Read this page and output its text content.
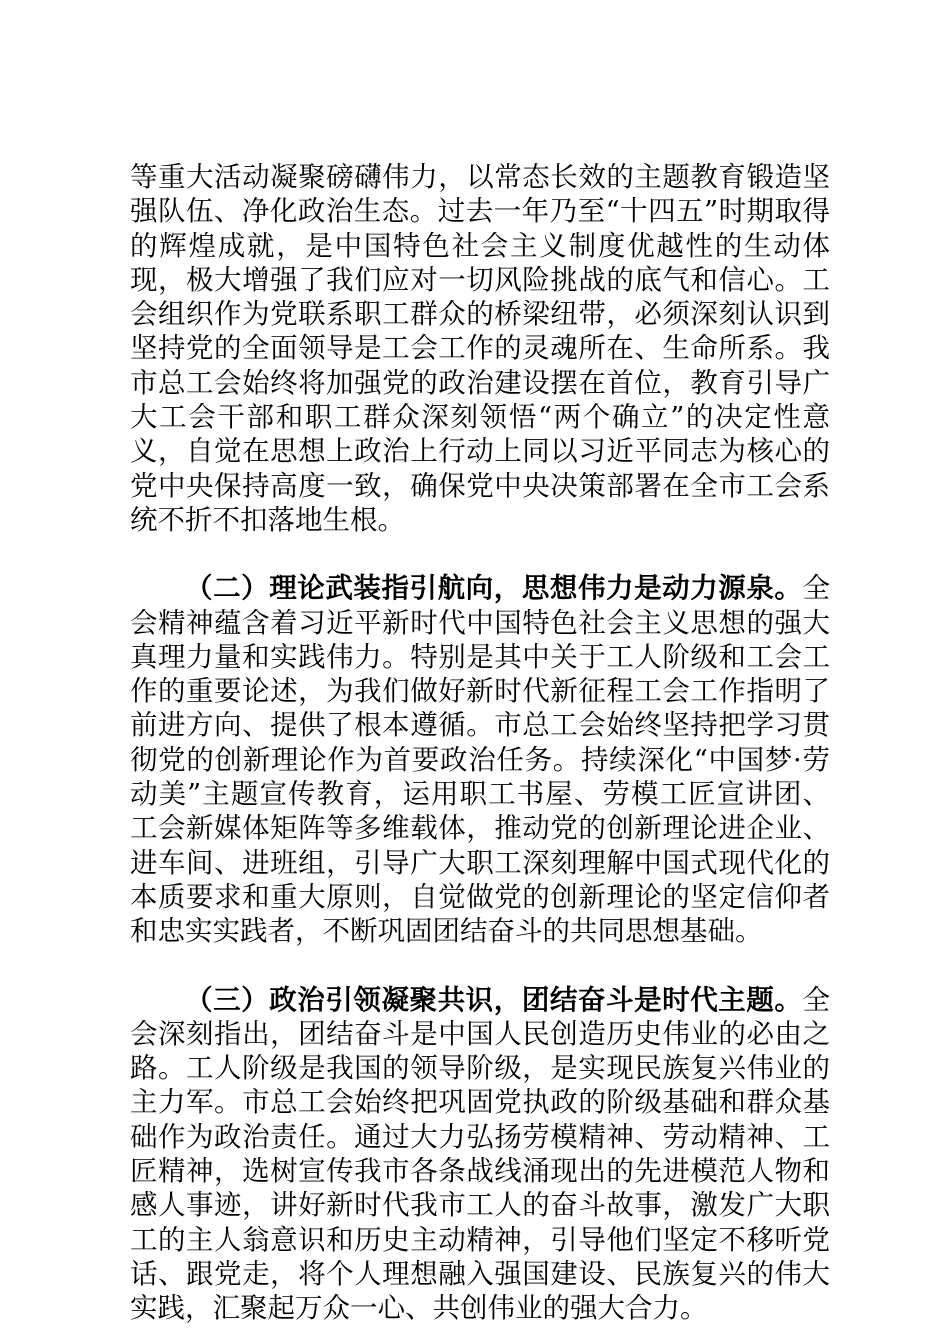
等重大活动凝聚磅礴伟力，以常态长效的主题教育锻造坚强队伍、净化政治生态。过去一年乃至“十四五”时期取得的辉煌成就，是中国特色社会主义制度优越性的生动体现，极大增强了我们应对一切风险挑战的底气和信心。工会组织作为党联系职工群众的桥梁纽带，必须深刻认识到坚持党的全面领导是工会工作的灵魂所在、生命所系。我市总工会始终将加强党的政治建设摆在首位，教育引导广大工会干部和职工群众深刻领悟“两个确立”的决定性意义，自觉在思想上政治上行动上同以习近平同志为核心的党中央保持高度一致，确保党中央决策部署在全市工会系统不折不扣落地生根。

（二）理论武装指引航向，思想伟力是动力源泉。全会精神蕴含着习近平新时代中国特色社会主义思想的强大真理力量和实践伟力。特别是其中关于工人阶级和工会工作的重要论述，为我们做好新时代新征程工会工作指明了前进方向、提供了根本遵循。市总工会始终坚持把学习贯彻党的创新理论作为首要政治任务。持续深化“中国梦·劳动美”主题宣传教育，运用职工书屋、劳模工匠宣讲团、工会新媒体矩阵等多维载体，推动党的创新理论进企业、进车间、进班组，引导广大职工深刻理解中国式现代化的本质要求和重大原则，自觉做党的创新理论的坚定信仰者和忠实实践者，不断巩固团结奋斗的共同思想基础。

（三）政治引领凝聚共识，团结奋斗是时代主题。全会深刻指出，团结奋斗是中国人民创造历史伟业的必由之路。工人阶级是我国的领导阶级，是实现民族复兴伟业的主力军。市总工会始终把巩固党执政的阶级基础和群众基础作为政治责任。通过大力弘扬劳模精神、劳动精神、工匠精神，选树宣传我市各条战线涌现出的先进模范人物和感人事迹，讲好新时代我市工人的奋斗故事，激发广大职工的主人翁意识和历史主动精神，引导他们坚定不移听党话、跟党走，将个人理想融入强国建设、民族复兴的伟大实践，汇聚起万众一心、共创伟业的强大合力。
